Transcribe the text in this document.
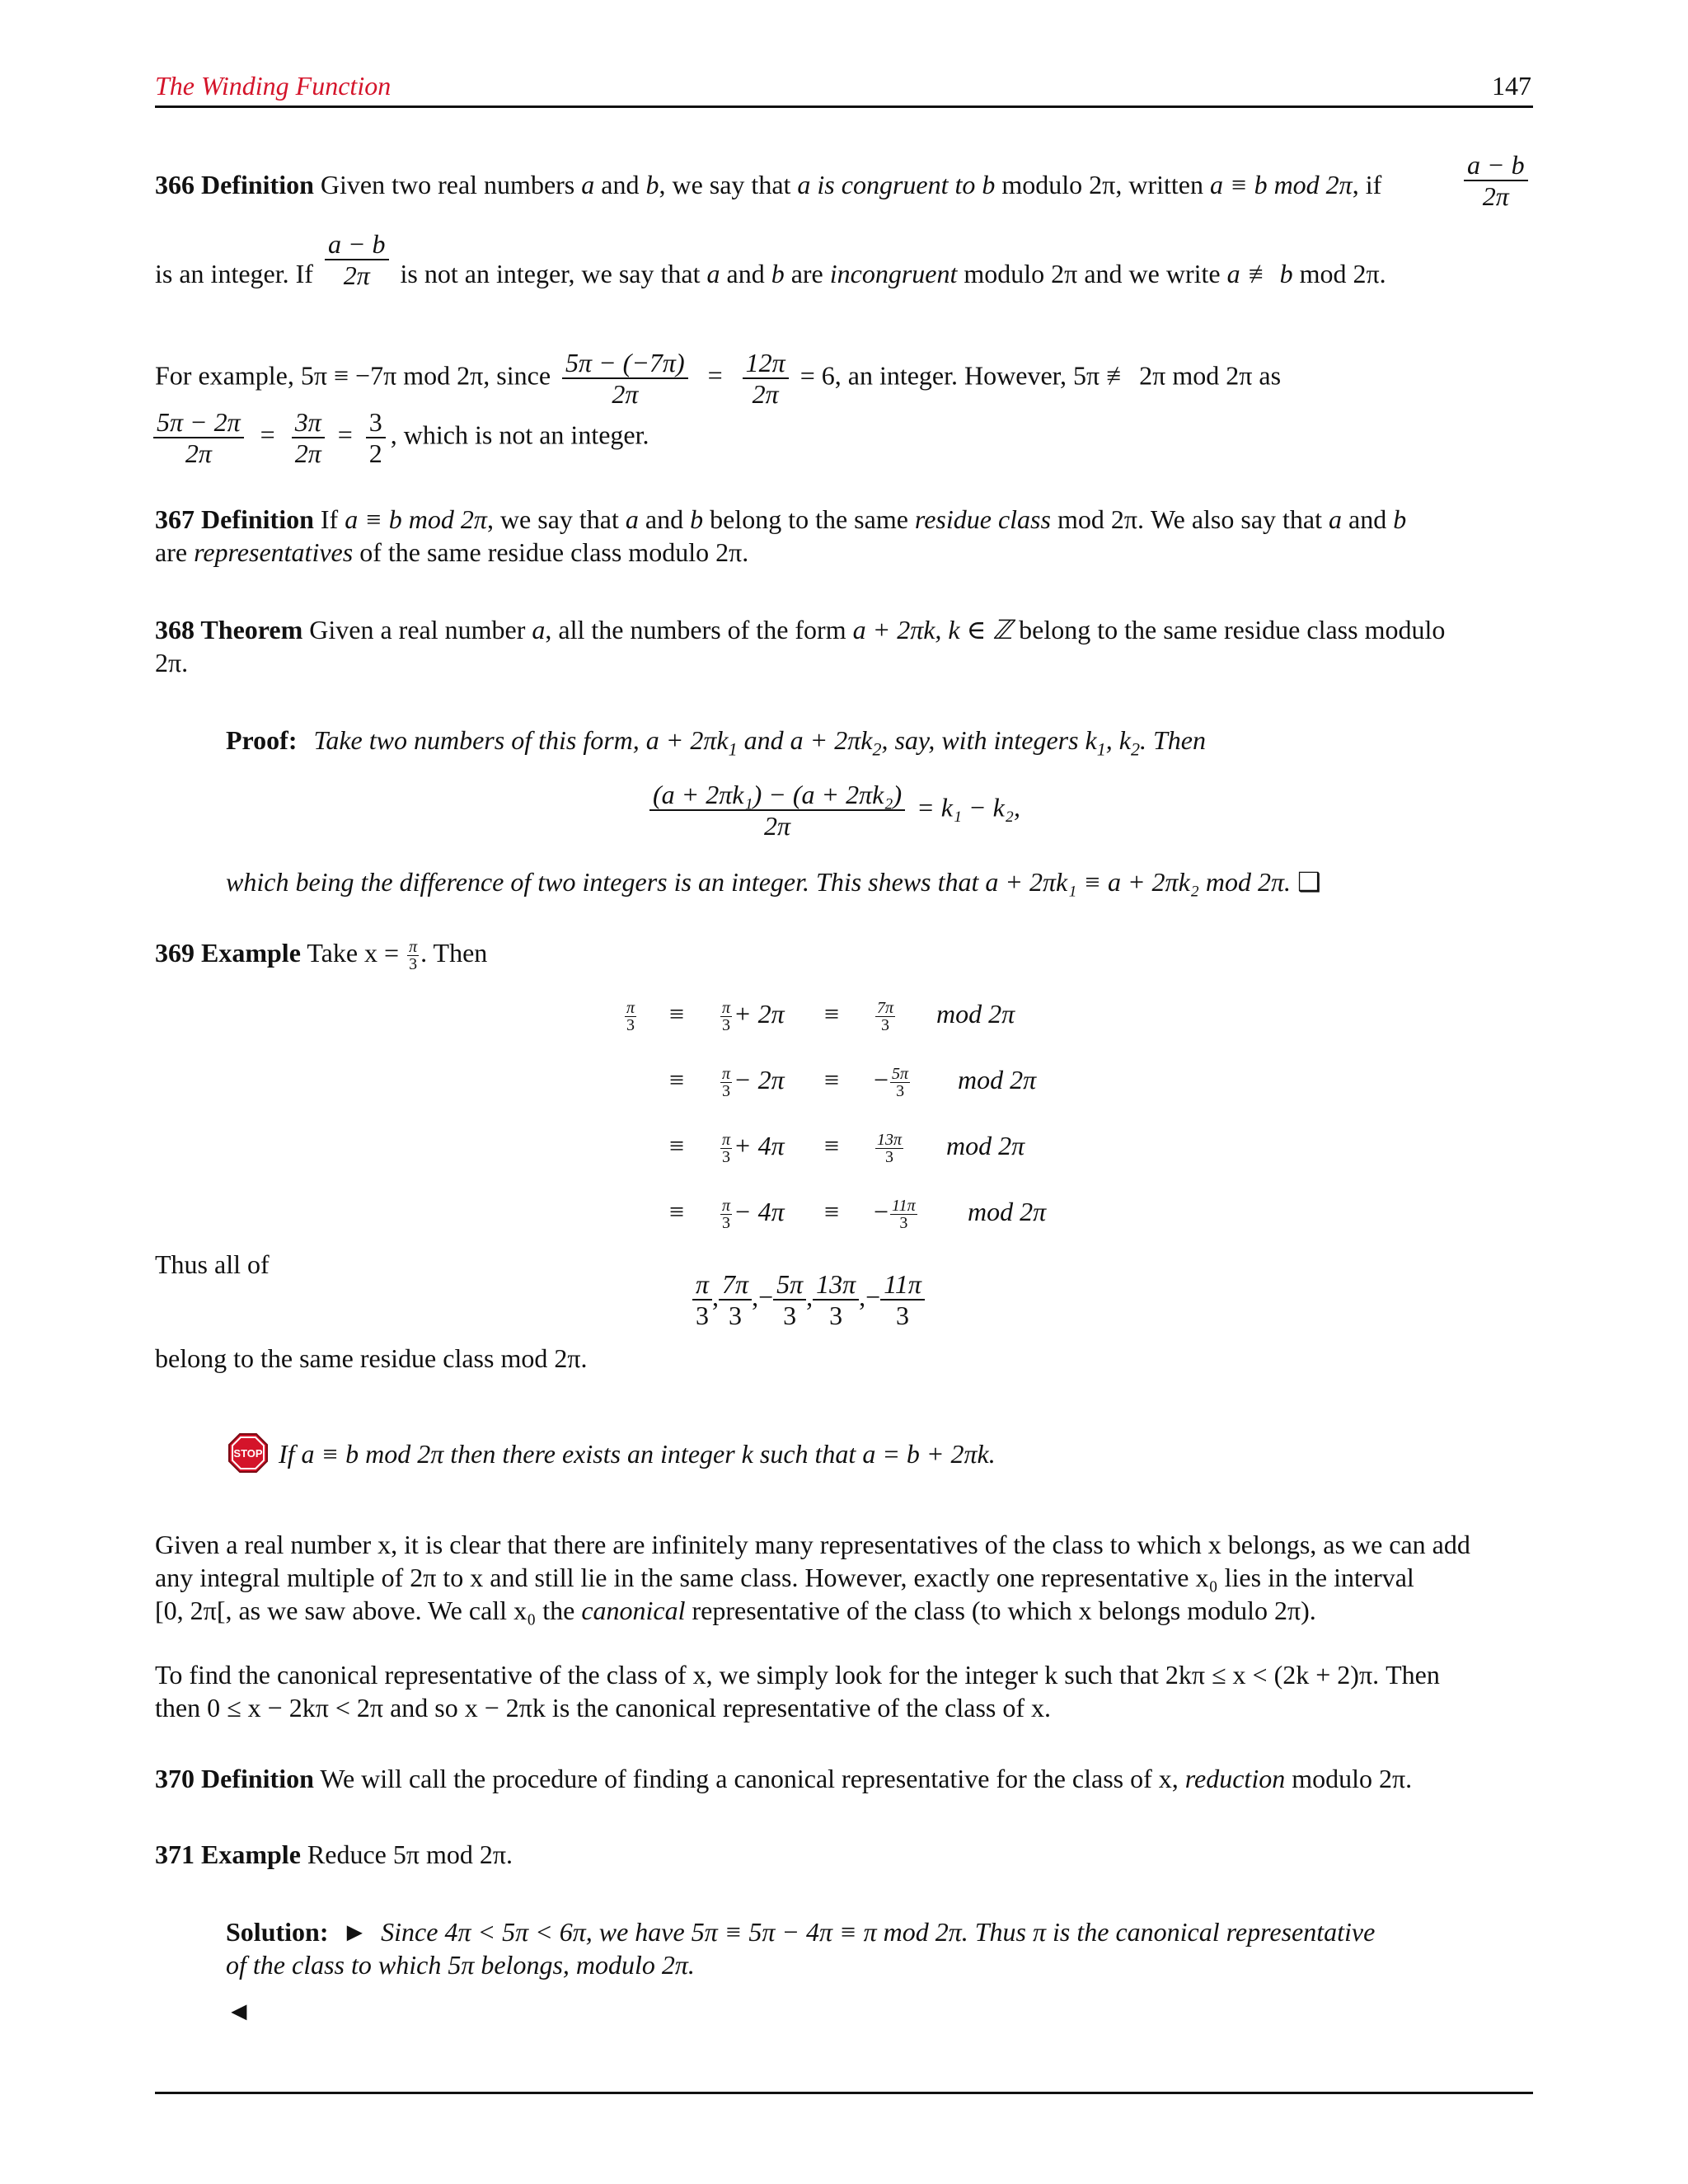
The Winding Function	147
366 Definition Given two real numbers a and b, we say that a is congruent to b modulo 2π, written a ≡ b mod 2π, if	$\frac{a - b}{2\pi}$
is an integer. If $\frac{a - b}{2\pi}$ is not an integer, we say that a and b are incongruent modulo 2π and we write a ≢ b mod 2π.
For example, 5π ≡ −7π mod 2π, since $\frac{5\pi - (-7\pi)}{2\pi} = \frac{12\pi}{2\pi} = 6$, an integer. However, 5π ≢ 2π mod 2π as
$\frac{5\pi - 2\pi}{2\pi} = \frac{3\pi}{2\pi} = \frac{3}{2}$ , which is not an integer.
367 Definition If a ≡ b mod 2π, we say that a and b belong to the same residue class mod 2π. We also say that a and b
are representatives of the same residue class modulo 2π.
368 Theorem Given a real number a, all the numbers of the form a + 2πk, k ∈ ℤ belong to the same residue class modulo
2π.
Proof: Take two numbers of this form, $a + 2\pi k_1$ and $a + 2\pi k_2$, say, with integers $k_1$, $k_2$. Then
$\frac{\text{(a + 2πk₁) − (a + 2πk₂)}}{2\pi} = k_1 - k_2$,
which being the difference of two integers is an integer. This shews that a + 2πk₁ ≡ a + 2πk₂ mod 2π. ❑
369 Example Take $x = \frac{\pi}{3}$ . Then
$\frac{\pi}{3} \equiv \frac{\pi}{3} + 2\pi \equiv \frac{7\pi}{3}$ mod 2π
≡ $\frac{\pi}{3} - 2\pi$ ≡ − $\frac{5\pi}{3}$ mod 2π
≡ $\frac{\pi}{3} + 4\pi \equiv \frac{13\pi}{3}$ mod 2π
≡ $\frac{\pi}{3} - 4\pi$ ≡ − $\frac{11\pi}{3}$ mod 2π
Thus all of
$\frac{\pi}{3}$ , $\frac{7\pi}{3}$ ,− $\frac{5\pi}{3}$ , $\frac{13\pi}{3}$ ,− $\frac{11\pi}{3}$
belong to the same residue class mod 2π.
STOP If a ≡ b mod 2π then there exists an integer k such that a = b + 2πk.
Given a real number x, it is clear that there are infinitely many representatives of the class to which x belongs, as we can add
any integral multiple of 2π to x and still lie in the same class. However, exactly one representative x₀ lies in the interval
[0, 2π[, as we saw above. We call x₀ the canonical representative of the class (to which x belongs modulo 2π).
To find the canonical representative of the class of x, we simply look for the integer k such that 2kπ ≤ x < (2k + 2)π. Then
then 0 ≤ x − 2kπ < 2π and so x − 2πk is the canonical representative of the class of x.
370 Definition We will call the procedure of finding a canonical representative for the class of x, reduction modulo 2π.
371 Example Reduce 5π mod 2π.
Solution: ► Since 4π < 5π < 6π, we have 5π ≡ 5π − 4π ≡ π mod 2π. Thus π is the canonical representative
of the class to which 5π belongs, modulo 2π.
◄
